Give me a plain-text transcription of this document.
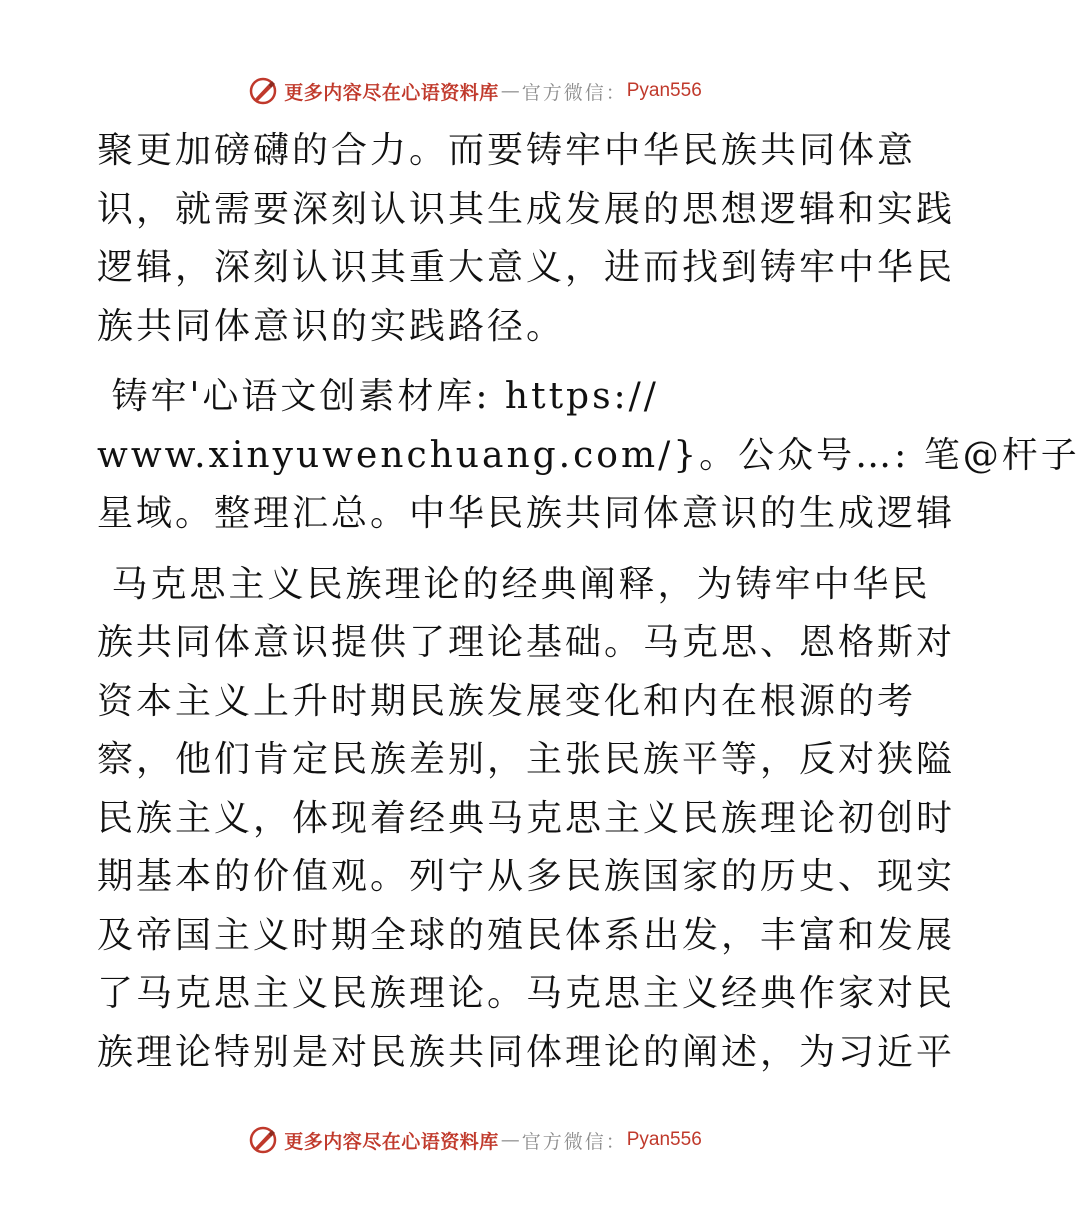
更多内容尽在心语资料库 — 官方微信： Pyan556
聚更加磅礴的合力。而要铸牢中华民族共同体意
识，就需要深刻认识其生成发展的思想逻辑和实践
逻辑，深刻认识其重大意义，进而找到铸牢中华民
族共同体意识的实践路径。
铸牢'心语文创素材库: https://
www.xinyuwenchuang.com/}。公众号…: 笔@杆子
星域。整理汇总。中华民族共同体意识的生成逻辑
马克思主义民族理论的经典阐释，为铸牢中华民
族共同体意识提供了理论基础。马克思、恩格斯对
资本主义上升时期民族发展变化和内在根源的考
察，他们肯定民族差别，主张民族平等，反对狭隘
民族主义，体现着经典马克思主义民族理论初创时
期基本的价值观。列宁从多民族国家的历史、现实
及帝国主义时期全球的殖民体系出发，丰富和发展
了马克思主义民族理论。马克思主义经典作家对民
族理论特别是对民族共同体理论的阐述，为习近平
更多内容尽在心语资料库 — 官方微信： Pyan556
